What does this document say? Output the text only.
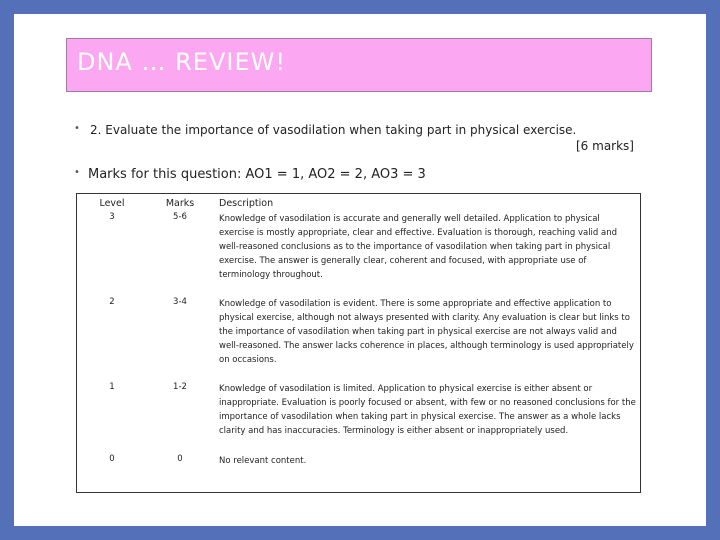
DNA … REVIEW!
• 2. Evaluate the importance of vasodilation when taking part in physical exercise.
[6 marks]
• Marks for this question: AO1 = 1, AO2 = 2, AO3 = 3
Level	Marks	Description
3	5-6	Knowledge of vasodilation is accurate and generally well detailed. Application to physical exercise is mostly appropriate, clear and effective. Evaluation is thorough, reaching valid and well-reasoned conclusions as to the importance of vasodilation when taking part in physical exercise. The answer is generally clear, coherent and focused, with appropriate use of terminology throughout.
2	3-4	Knowledge of vasodilation is evident. There is some appropriate and effective application to physical exercise, although not always presented with clarity. Any evaluation is clear but links to the importance of vasodilation when taking part in physical exercise are not always valid and well-reasoned. The answer lacks coherence in places, although terminology is used appropriately on occasions.
1	1-2	Knowledge of vasodilation is limited. Application to physical exercise is either absent or inappropriate. Evaluation is poorly focused or absent, with few or no reasoned conclusions for the importance of vasodilation when taking part in physical exercise. The answer as a whole lacks clarity and has inaccuracies. Terminology is either absent or inappropriately used.
0	0	No relevant content.
